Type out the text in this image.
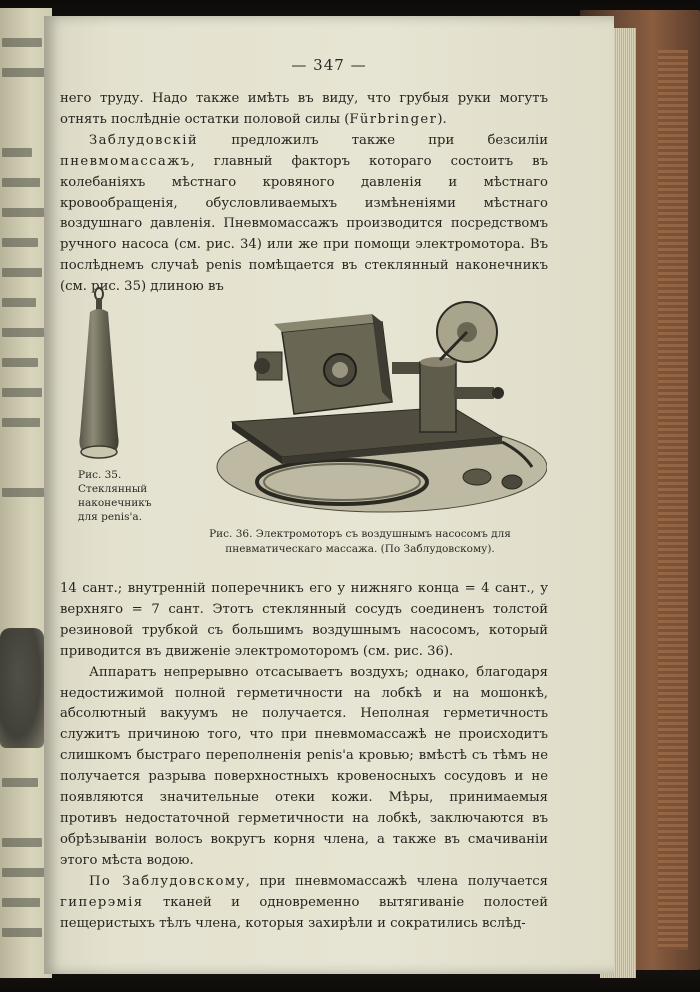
— 347 —

него труду. Надо также имѣть въ виду, что грубыя руки могутъ отнять послѣднiе остатки половой силы (Fürbringer).

Заблудовскiй предложилъ также при безсилiи пневмомассажъ, главный факторъ котораго состоитъ въ колебанiяхъ мѣстнаго кровяного давленiя и мѣстнаго кровообращенiя, обусловливаемыхъ измѣненiями мѣстнаго воздушнаго давленiя. Пневмомассажъ производится посредствомъ ручного насоса (см. рис. 34) или же при помощи электромотора. Въ послѣднемъ случаѣ penis помѣщается въ стеклянный наконечникъ (см. рис. 35) длиною въ

Рис. 35.
Стеклянный
наконечникъ
для penis'а.
Рис. 36. Электромоторъ съ воздушнымъ насосомъ для пневматическаго массажа. (По Заблудовскому).

14 сант.; внутреннiй поперечникъ его у нижняго конца = 4 сант., у верхняго = 7 сант. Этотъ стеклянный сосудъ соединенъ толстой резиновой трубкой съ большимъ воздушнымъ насосомъ, который приводится въ движенiе электромоторомъ (см. рис. 36).

Аппаратъ непрерывно отсасываетъ воздухъ; однако, благодаря недостижимой полной герметичности на лобкѣ и на мошонкѣ, абсолютный вакуумъ не получается. Неполная герметичность служитъ причиною того, что при пневмомассажѣ не происходитъ слишкомъ быстраго переполненiя penis'а кровью; вмѣстѣ съ тѣмъ не получается разрыва поверхностныхъ кровеносныхъ сосудовъ и не появляются значительные отеки кожи. Мѣры, принимаемыя противъ недостаточной герметичности на лобкѣ, заключаются въ обрѣзываніи волосъ вокругъ корня члена, а также въ смачиванiи этого мѣста водою.

По Заблудовскому, при пневмомассажѣ члена получается гиперэмiя тканей и одновременно вытягиванiе полостей пещеристыхъ тѣлъ члена, которыя захирѣли и сократились вслѣд-
